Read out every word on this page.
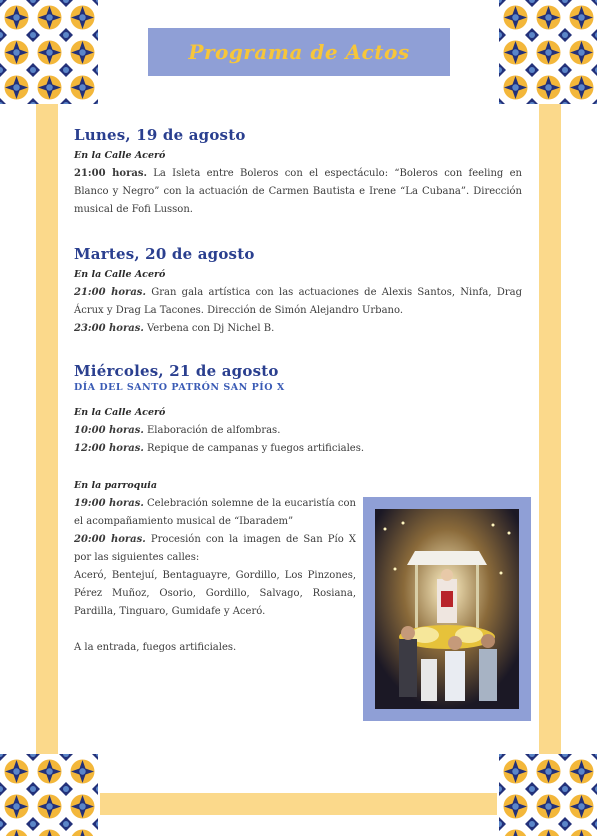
Programa de Actos
Lunes, 19 de agosto
En la Calle Aceró

21:00 horas. La Isleta entre Boleros con el espectáculo: “Boleros con feeling en Blanco y Negro” con la actuación de Carmen Bautista e Irene “La Cubana”. Dirección musical de Fofi Lusson.

Martes, 20 de agosto
En la Calle Aceró

21:00 horas. Gran gala artística con las actuaciones de Alexis Santos, Ninfa, Drag Ácrux y Drag La Tacones. Dirección de Simón Alejandro Urbano.

23:00 horas. Verbena con Dj Nichel B.

Miércoles, 21 de agosto
DÍA DEL SANTO PATRÓN SAN PÍO X
En la Calle Aceró

10:00 horas. Elaboración de alfombras.

12:00 horas. Repique de campanas y fuegos artificiales.

En la parroquia

19:00 horas. Celebración solemne de la eucaristía con el acompañamiento musical de “Ibaradem”

20:00 horas. Procesión con la imagen de San Pío X por las siguientes calles:

Aceró, Bentejuí, Bentaguayre, Gordillo, Los Pinzones, Pérez Muñoz, Osorio, Gordillo, Salvago, Rosiana, Pardilla, Tinguaro, Gumidafe y Aceró.

A la entrada, fuegos artificiales.
